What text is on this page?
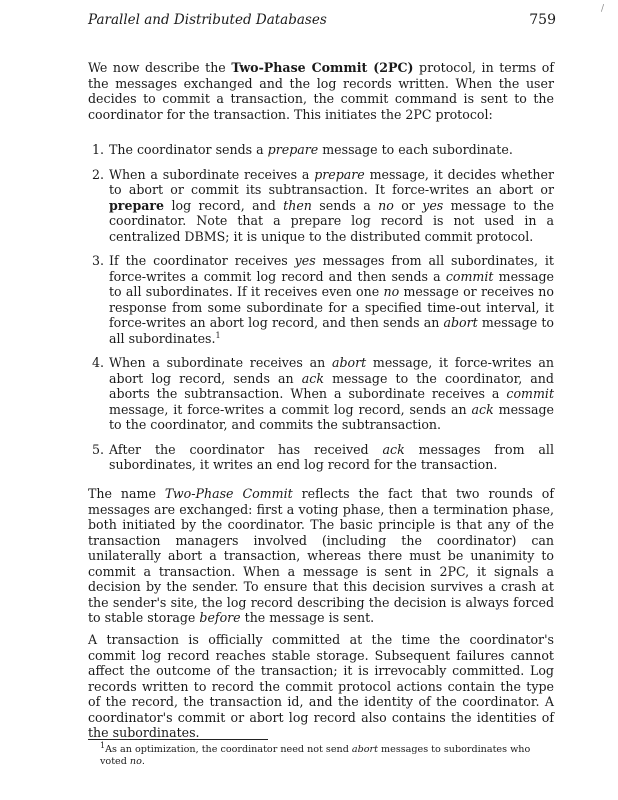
Parallel and Distributed Databases	759
/

We now describe the Two-Phase Commit (2PC) protocol, in terms of the messages exchanged and the log records written. When the user decides to commit a transaction, the commit command is sent to the coordinator for the transaction. This initiates the 2PC protocol:

1. The coordinator sends a prepare message to each subordinate.
2. When a subordinate receives a prepare message, it decides whether to abort or commit its subtransaction. It force-writes an abort or prepare log record, and then sends a no or yes message to the coordinator. Note that a prepare log record is not used in a centralized DBMS; it is unique to the distributed commit protocol.
3. If the coordinator receives yes messages from all subordinates, it force-writes a commit log record and then sends a commit message to all subordinates. If it receives even one no message or receives no response from some subordinate for a specified time-out interval, it force-writes an abort log record, and then sends an abort message to all subordinates.$^1$
4. When a subordinate receives an abort message, it force-writes an abort log record, sends an ack message to the coordinator, and aborts the subtransaction. When a subordinate receives a commit message, it force-writes a commit log record, sends an ack message to the coordinator, and commits the subtransaction.
5. After the coordinator has received ack messages from all subordinates, it writes an end log record for the transaction.

The name Two-Phase Commit reflects the fact that two rounds of messages are exchanged: first a voting phase, then a termination phase, both initiated by the coordinator. The basic principle is that any of the transaction managers involved (including the coordinator) can unilaterally abort a transaction, whereas there must be unanimity to commit a transaction. When a message is sent in 2PC, it signals a decision by the sender. To ensure that this decision survives a crash at the sender's site, the log record describing the decision is always forced to stable storage before the message is sent.

A transaction is officially committed at the time the coordinator's commit log record reaches stable storage. Subsequent failures cannot affect the outcome of the transaction; it is irrevocably committed. Log records written to record the commit protocol actions contain the type of the record, the transaction id, and the identity of the coordinator. A coordinator's commit or abort log record also contains the identities of the subordinates.

$^1$As an optimization, the coordinator need not send abort messages to subordinates who voted no.
